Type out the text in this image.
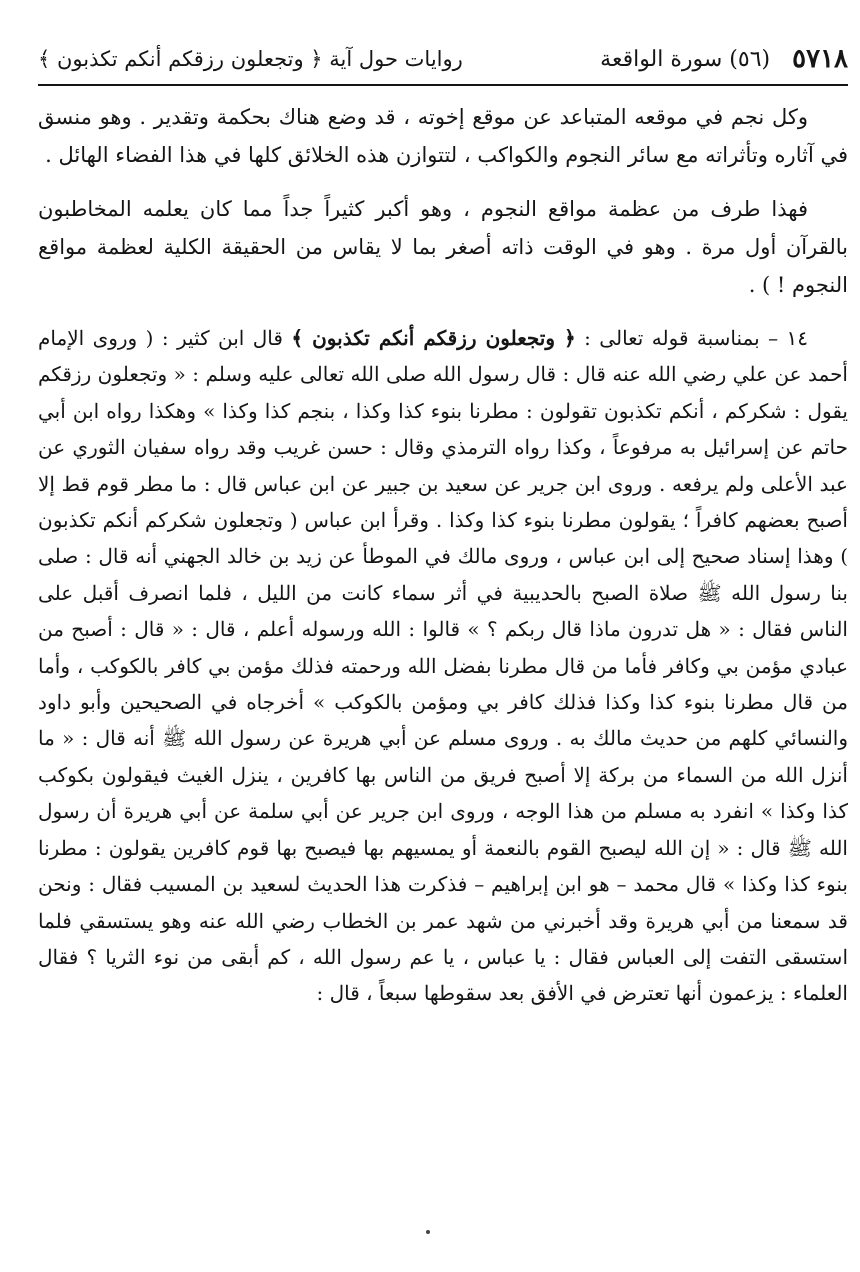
٥٧١٨
(٥٦) سورة الواقعة
روايات حول آية ﴿ وتجعلون رزقكم أنكم تكذبون ﴾

وكل نجم في موقعه المتباعد عن موقع إخوته ، قد وضع هناك بحكمة وتقدير . وهو منسق في آثاره وتأثراته مع سائر النجوم والكواكب ، لتتوازن هذه الخلائق كلها في هذا الفضاء الهائل .

فهذا طرف من عظمة مواقع النجوم ، وهو أكبر كثيراً جداً مما كان يعلمه المخاطبون بالقرآن أول مرة . وهو في الوقت ذاته أصغر بما لا يقاس من الحقيقة الكلية لعظمة مواقع النجوم ! ) .

١٤ – بمناسبة قوله تعالى : ﴿ وتجعلون رزقكم أنكم تكذبون ﴾ قال ابن كثير : ( وروى الإمام أحمد عن علي رضي الله عنه قال : قال رسول الله صلى الله تعالى عليه وسلم : « وتجعلون رزقكم يقول : شكركم ، أنكم تكذبون تقولون : مطرنا بنوء كذا وكذا ، بنجم كذا وكذا » وهكذا رواه ابن أبي حاتم عن إسرائيل به مرفوعاً ، وكذا رواه الترمذي وقال : حسن غريب وقد رواه سفيان الثوري عن عبد الأعلى ولم يرفعه . وروى ابن جرير عن سعيد بن جبير عن ابن عباس قال : ما مطر قوم قط إلا أصبح بعضهم كافراً ؛ يقولون مطرنا بنوء كذا وكذا . وقرأ ابن عباس ( وتجعلون شكركم أنكم تكذبون ) وهذا إسناد صحيح إلى ابن عباس ، وروى مالك في الموطأ عن زيد بن خالد الجهني أنه قال : صلى بنا رسول الله ﷺ صلاة الصبح بالحديبية في أثر سماء كانت من الليل ، فلما انصرف أقبل على الناس فقال : « هل تدرون ماذا قال ربكم ؟ » قالوا : الله ورسوله أعلم ، قال : « قال : أصبح من عبادي مؤمن بي وكافر فأما من قال مطرنا بفضل الله ورحمته فذلك مؤمن بي كافر بالكوكب ، وأما من قال مطرنا بنوء كذا وكذا فذلك كافر بي ومؤمن بالكوكب » أخرجاه في الصحيحين وأبو داود والنسائي كلهم من حديث مالك به . وروى مسلم عن أبي هريرة عن رسول الله ﷺ أنه قال : « ما أنزل الله من السماء من بركة إلا أصبح فريق من الناس بها كافرين ، ينزل الغيث فيقولون بكوكب كذا وكذا » انفرد به مسلم من هذا الوجه ، وروى ابن جرير عن أبي سلمة عن أبي هريرة أن رسول الله ﷺ قال : « إن الله ليصبح القوم بالنعمة أو يمسيهم بها فيصبح بها قوم كافرين يقولون : مطرنا بنوء كذا وكذا » قال محمد – هو ابن إبراهيم – فذكرت هذا الحديث لسعيد بن المسيب فقال : ونحن قد سمعنا من أبي هريرة وقد أخبرني من شهد عمر بن الخطاب رضي الله عنه وهو يستسقي فلما استسقى التفت إلى العباس فقال : يا عباس ، يا عم رسول الله ، كم أبقى من نوء الثريا ؟ فقال العلماء : يزعمون أنها تعترض في الأفق بعد سقوطها سبعاً ، قال :
